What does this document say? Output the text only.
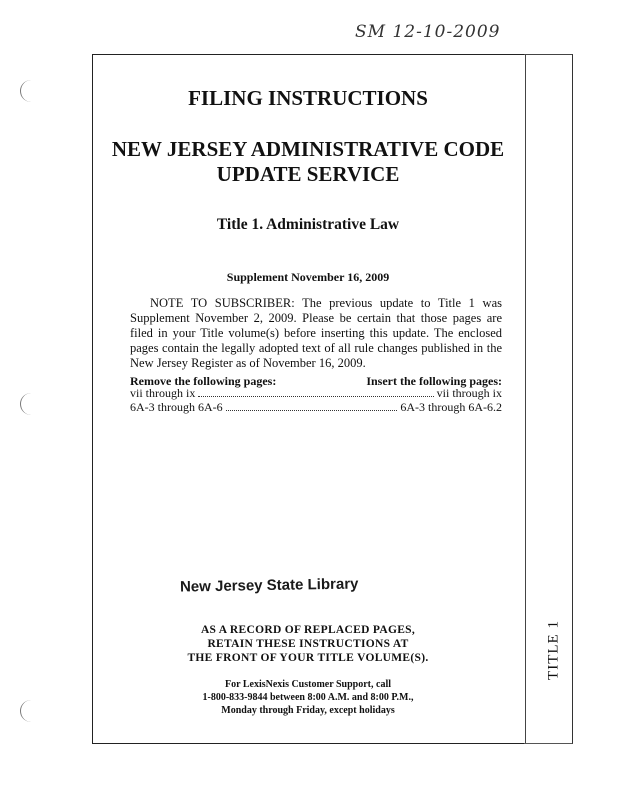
SM 12-10-2009
TITLE 1
FILING INSTRUCTIONS
NEW JERSEY ADMINISTRATIVE CODE
UPDATE SERVICE
Title 1. Administrative Law
Supplement November 16, 2009
NOTE TO SUBSCRIBER: The previous update to Title 1 was Supplement November 2, 2009. Please be certain that those pages are filed in your Title volume(s) before inserting this update. The enclosed pages contain the legally adopted text of all rule changes published in the New Jersey Register as of November 16, 2009.
Remove the following pages:	Insert the following pages:
vii through ix	vii through ix
6A-3 through 6A-6	6A-3 through 6A-6.2
New Jersey State Library
AS A RECORD OF REPLACED PAGES,
RETAIN THESE INSTRUCTIONS AT
THE FRONT OF YOUR TITLE VOLUME(S).
For LexisNexis Customer Support, call
1-800-833-9844 between 8:00 A.M. and 8:00 P.M.,
Monday through Friday, except holidays
